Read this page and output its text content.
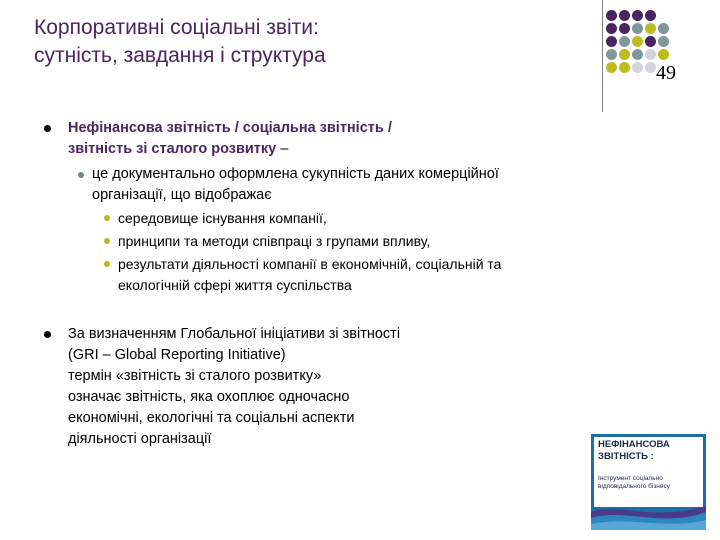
Корпоративні соціальні звіти:
сутність, завдання і структура
49
Нефінансова звітність / соціальна звітність /
звітність зі сталого розвитку –
це документально оформлена сукупність даних комерційної
організації, що відображає
середовище існування компанії,
принципи та методи співпраці з групами впливу,
результати діяльності компанії в економічній, соціальній та
екологічній сфері життя суспільства
За визначенням Глобальної ініціативи зі звітності
(GRI – Global Reporting Initiative)
термін «звітність зі сталого розвитку»
означає звітність, яка охоплює одночасно
економічні, екологічні та соціальні аспекти
діяльності організації	НЕФІНАНСОВА
ЗВІТНІСТЬ :
Інструмент соціально
відповідального бізнесу
